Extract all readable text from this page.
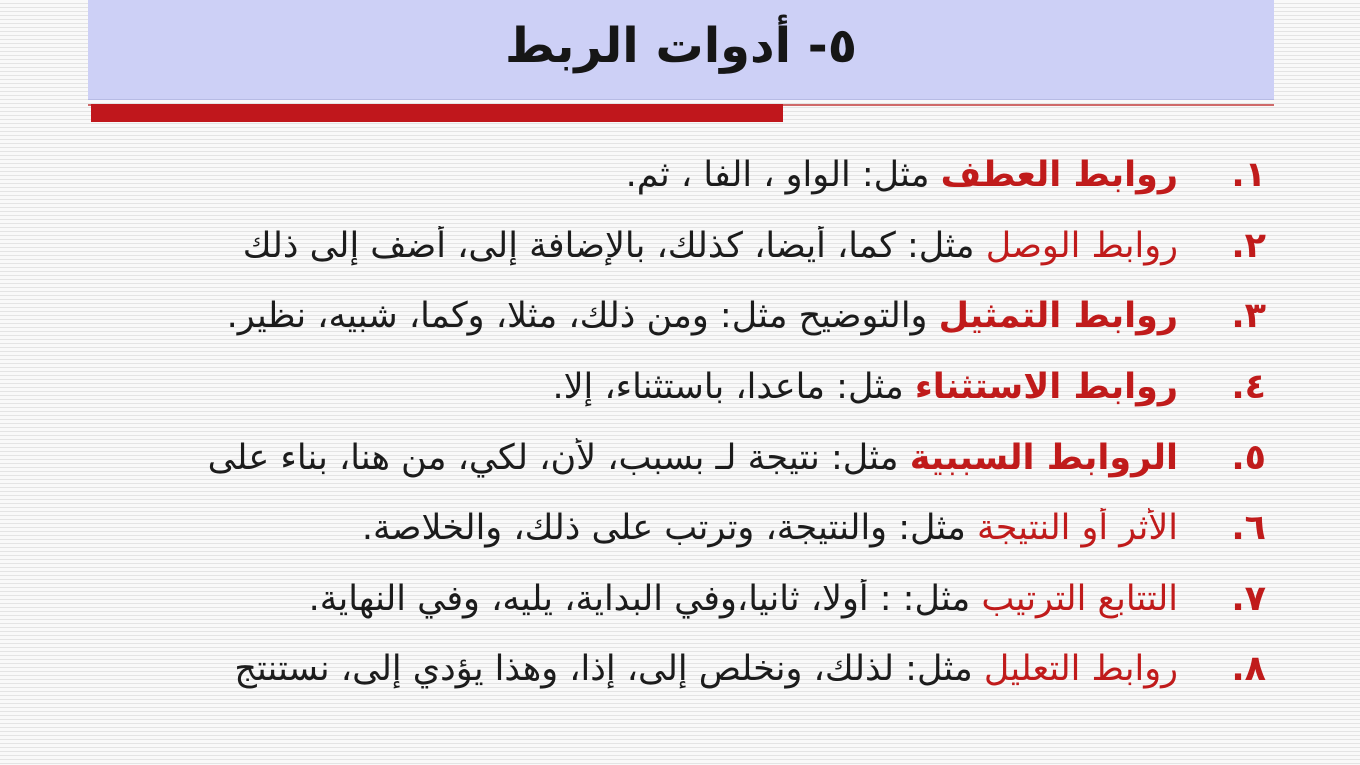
٥- أدوات الربط
١.
روابط العطف مثل: الواو ، الفا ، ثم.
٢.
روابط الوصل مثل: كما، أيضا، كذلك، بالإضافة إلى، أضف إلى ذلك
٣.
روابط التمثيل والتوضيح مثل: ومن ذلك، مثلا، وكما، شبيه، نظير.
٤.
روابط الاستثناء مثل: ماعدا، باستثناء، إلا.
٥.
الروابط السببية مثل: نتيجة لـ بسبب، لأن، لكي، من هنا، بناء على
٦.
الأثر أو النتيجة مثل: والنتيجة، وترتب على ذلك، والخلاصة.
٧.
التتابع الترتيب مثل: : أولا، ثانيا،وفي البداية، يليه، وفي النهاية.
٨.
روابط التعليل مثل: لذلك، ونخلص إلى، إذا، وهذا يؤدي إلى، نستنتج
